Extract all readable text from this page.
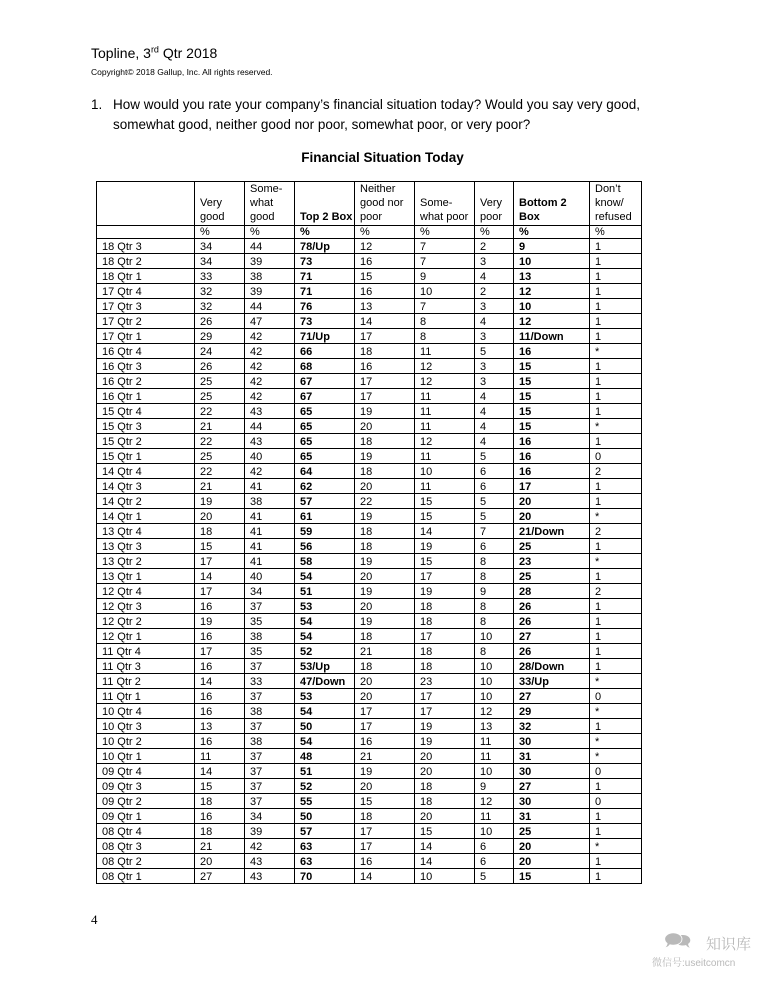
Topline, 3rd Qtr 2018
Copyright© 2018 Gallup, Inc. All rights reserved.
1. How would you rate your company’s financial situation today? Would you say very good, somewhat good, neither good nor poor, somewhat poor, or very poor?
Financial Situation Today
	Very good	Some- what good	Top 2 Box	Neither good nor poor	Some- what poor	Very poor	Bottom 2 Box	Don’t know/ refused
	%	%	%	%	%	%	%	%
18 Qtr 3	34	44	78/Up	12	7	2	9	1
18 Qtr 2	34	39	73	16	7	3	10	1
18 Qtr 1	33	38	71	15	9	4	13	1
17 Qtr 4	32	39	71	16	10	2	12	1
17 Qtr 3	32	44	76	13	7	3	10	1
17 Qtr 2	26	47	73	14	8	4	12	1
17 Qtr 1	29	42	71/Up	17	8	3	11/Down	1
16 Qtr 4	24	42	66	18	11	5	16	*
16 Qtr 3	26	42	68	16	12	3	15	1
16 Qtr 2	25	42	67	17	12	3	15	1
16 Qtr 1	25	42	67	17	11	4	15	1
15 Qtr 4	22	43	65	19	11	4	15	1
15 Qtr 3	21	44	65	20	11	4	15	*
15 Qtr 2	22	43	65	18	12	4	16	1
15 Qtr 1	25	40	65	19	11	5	16	0
14 Qtr 4	22	42	64	18	10	6	16	2
14 Qtr 3	21	41	62	20	11	6	17	1
14 Qtr 2	19	38	57	22	15	5	20	1
14 Qtr 1	20	41	61	19	15	5	20	*
13 Qtr 4	18	41	59	18	14	7	21/Down	2
13 Qtr 3	15	41	56	18	19	6	25	1
13 Qtr 2	17	41	58	19	15	8	23	*
13 Qtr 1	14	40	54	20	17	8	25	1
12 Qtr 4	17	34	51	19	19	9	28	2
12 Qtr 3	16	37	53	20	18	8	26	1
12 Qtr 2	19	35	54	19	18	8	26	1
12 Qtr 1	16	38	54	18	17	10	27	1
11 Qtr 4	17	35	52	21	18	8	26	1
11 Qtr 3	16	37	53/Up	18	18	10	28/Down	1
11 Qtr 2	14	33	47/Down	20	23	10	33/Up	*
11 Qtr 1	16	37	53	20	17	10	27	0
10 Qtr 4	16	38	54	17	17	12	29	*
10 Qtr 3	13	37	50	17	19	13	32	1
10 Qtr 2	16	38	54	16	19	11	30	*
10 Qtr 1	11	37	48	21	20	11	31	*
09 Qtr 4	14	37	51	19	20	10	30	0
09 Qtr 3	15	37	52	20	18	9	27	1
09 Qtr 2	18	37	55	15	18	12	30	0
09 Qtr 1	16	34	50	18	20	11	31	1
08 Qtr 4	18	39	57	17	15	10	25	1
08 Qtr 3	21	42	63	17	14	6	20	*
08 Qtr 2	20	43	63	16	14	6	20	1
08 Qtr 1	27	43	70	14	10	5	15	1
4
🗪 知识库
微信号:useitcomcn
